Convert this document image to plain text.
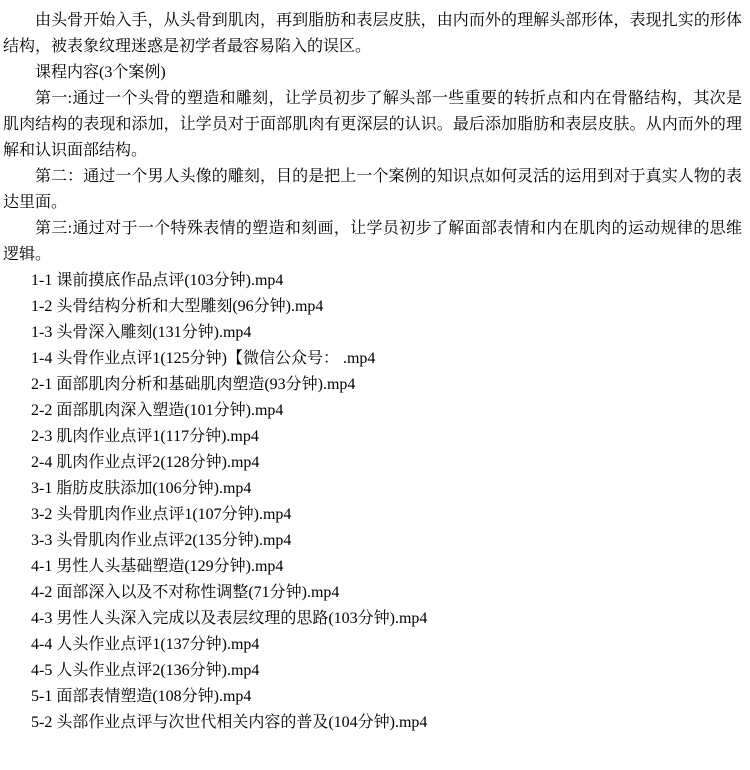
由头骨开始入手，从头骨到肌肉，再到脂肪和表层皮肤，由内而外的理解头部形体，表现扎实的形体结构，被表象纹理迷惑是初学者最容易陷入的误区。

课程内容(3个案例)

第一:通过一个头骨的塑造和雕刻，让学员初步了解头部一些重要的转折点和内在骨骼结构，其次是肌肉结构的表现和添加，让学员对于面部肌肉有更深层的认识。最后添加脂肪和表层皮肤。从内而外的理解和认识面部结构。

第二：通过一个男人头像的雕刻，目的是把上一个案例的知识点如何灵活的运用到对于真实人物的表达里面。

第三:通过对于一个特殊表情的塑造和刻画，让学员初步了解面部表情和内在肌肉的运动规律的思维逻辑。

1-1 课前摸底作品点评(103分钟).mp4
1-2 头骨结构分析和大型雕刻(96分钟).mp4
1-3 头骨深入雕刻(131分钟).mp4
1-4 头骨作业点评1(125分钟)【微信公众号： .mp4
2-1 面部肌肉分析和基础肌肉塑造(93分钟).mp4
2-2 面部肌肉深入塑造(101分钟).mp4
2-3 肌肉作业点评1(117分钟).mp4
2-4 肌肉作业点评2(128分钟).mp4
3-1 脂肪皮肤添加(106分钟).mp4
3-2 头骨肌肉作业点评1(107分钟).mp4
3-3 头骨肌肉作业点评2(135分钟).mp4
4-1 男性人头基础塑造(129分钟).mp4
4-2 面部深入以及不对称性调整(71分钟).mp4
4-3 男性人头深入完成以及表层纹理的思路(103分钟).mp4
4-4 人头作业点评1(137分钟).mp4
4-5 人头作业点评2(136分钟).mp4
5-1 面部表情塑造(108分钟).mp4
5-2 头部作业点评与次世代相关内容的普及(104分钟).mp4
